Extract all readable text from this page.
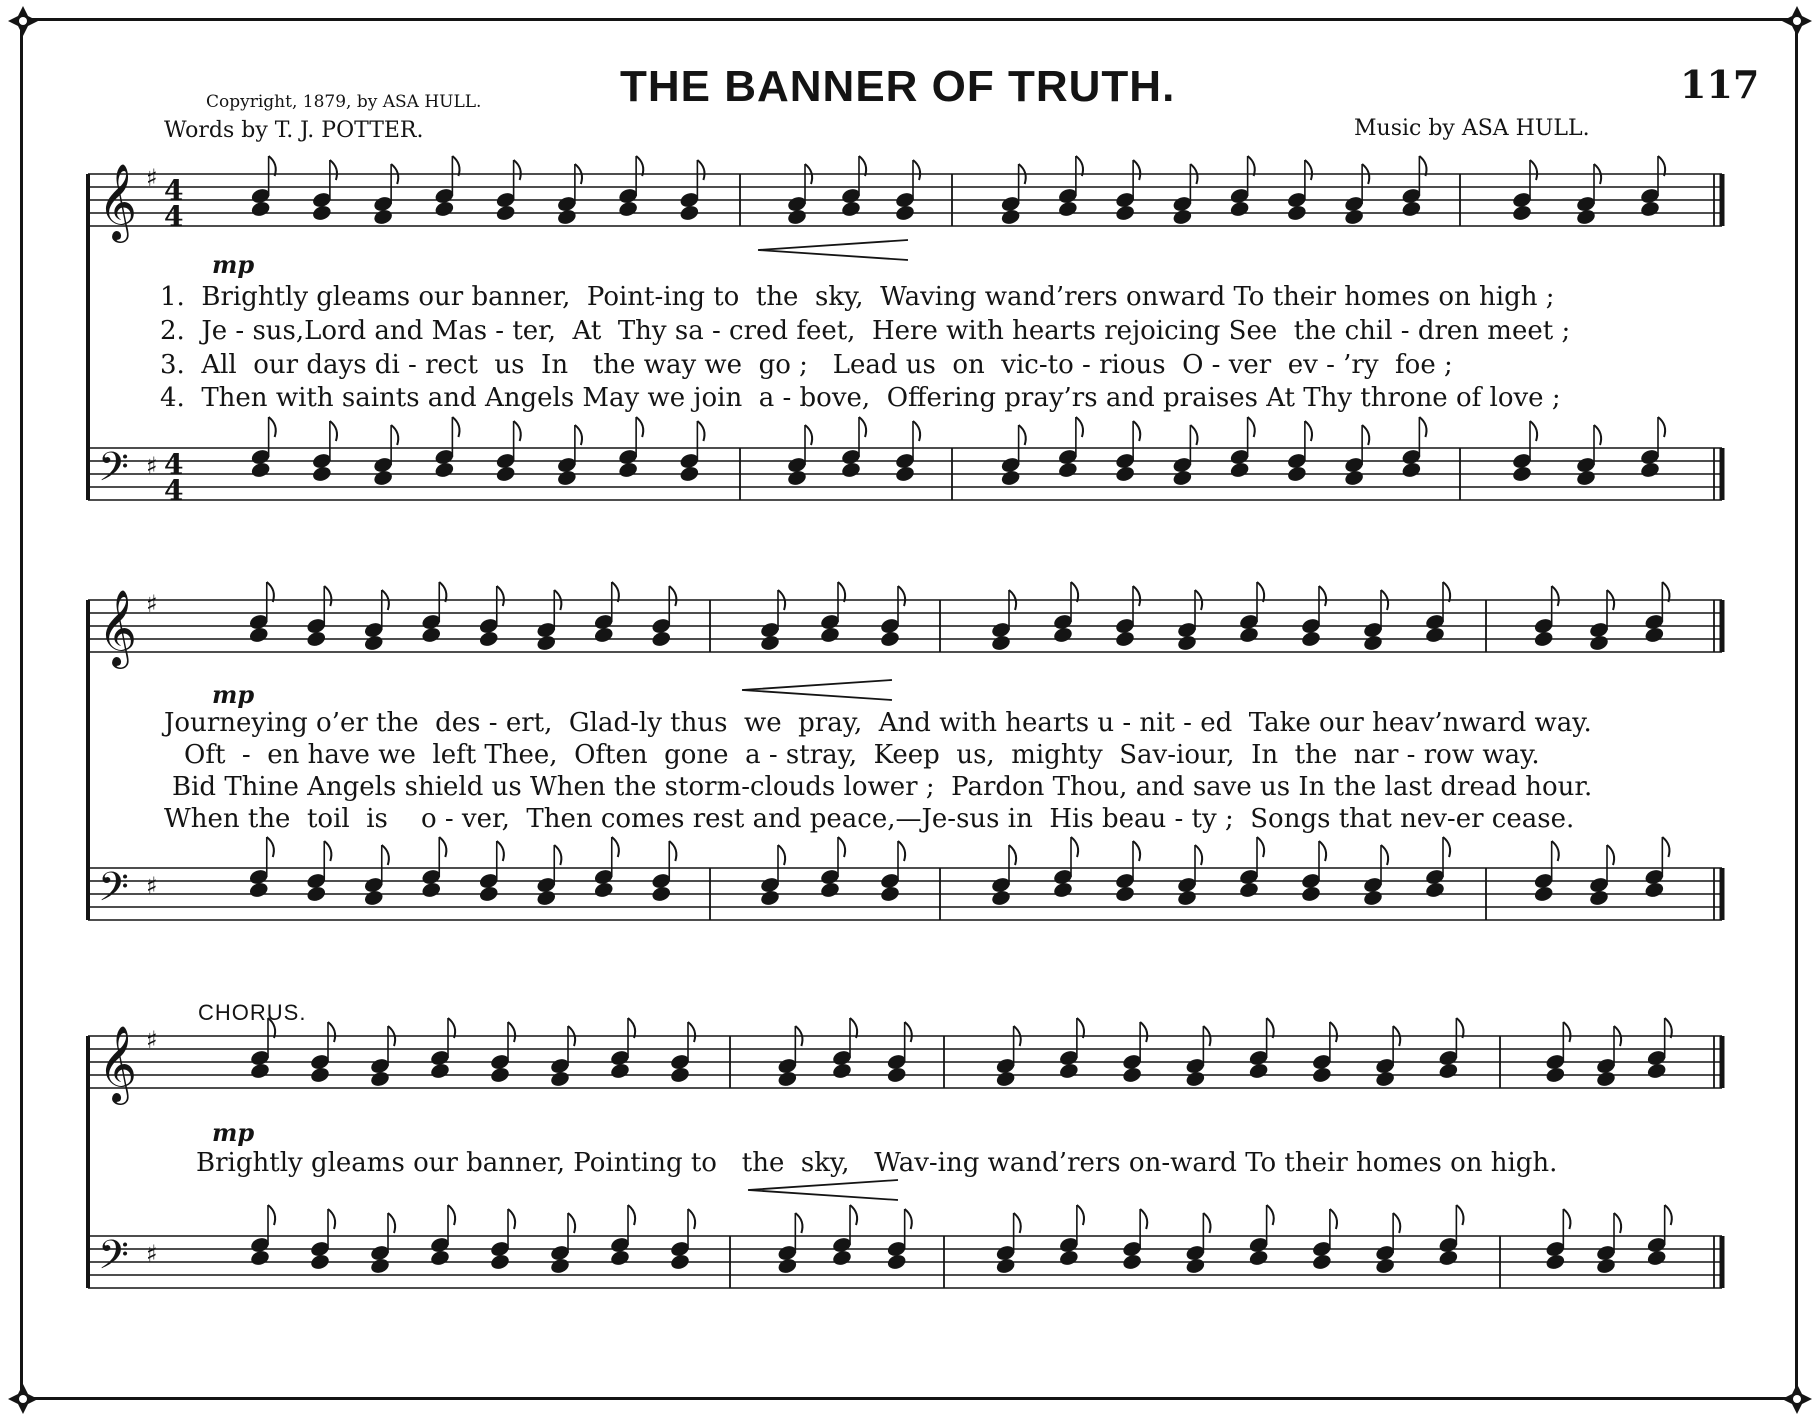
Copyright, 1879, by ASA HULL.	THE BANNER OF TRUTH.	117
Words by T. J. POTTER.	Music by ASA HULL.
𝄞
𝄢
♯
♯
𝄞
𝄢
♯
♯
𝄞
𝄢
♯
♯
4
4
4
4
mp
mp
mp
1.  Brightly gleams our banner,  Point-ing to  the  sky,  Waving wand’rers onward To their homes on high ;
2.  Je - sus,Lord and Mas - ter,  At  Thy sa - cred feet,  Here with hearts rejoicing See  the chil - dren meet ;
3.  All  our days di - rect  us  In   the way we  go ;   Lead us  on  vic-to - rious  O - ver  ev - ’ry  foe ;
4.  Then with saints and Angels May we join  a - bove,  Offering pray’rs and praises At Thy throne of love ;
Journeying o’er the  des - ert,  Glad-ly thus  we  pray,  And with hearts u - nit - ed  Take our heav’nward way.
Oft  -  en have we  left Thee,  Often  gone  a - stray,  Keep  us,  mighty  Sav-iour,  In  the  nar - row way.
Bid Thine Angels shield us When the storm-clouds lower ;  Pardon Thou, and save us In the last dread hour.
When the  toil  is    o - ver,  Then comes rest and peace,—Je-sus in  His beau - ty ;  Songs that nev-er cease.
CHORUS.
Brightly gleams our banner, Pointing to   the  sky,   Wav-ing wand’rers on-ward To their homes on high.
